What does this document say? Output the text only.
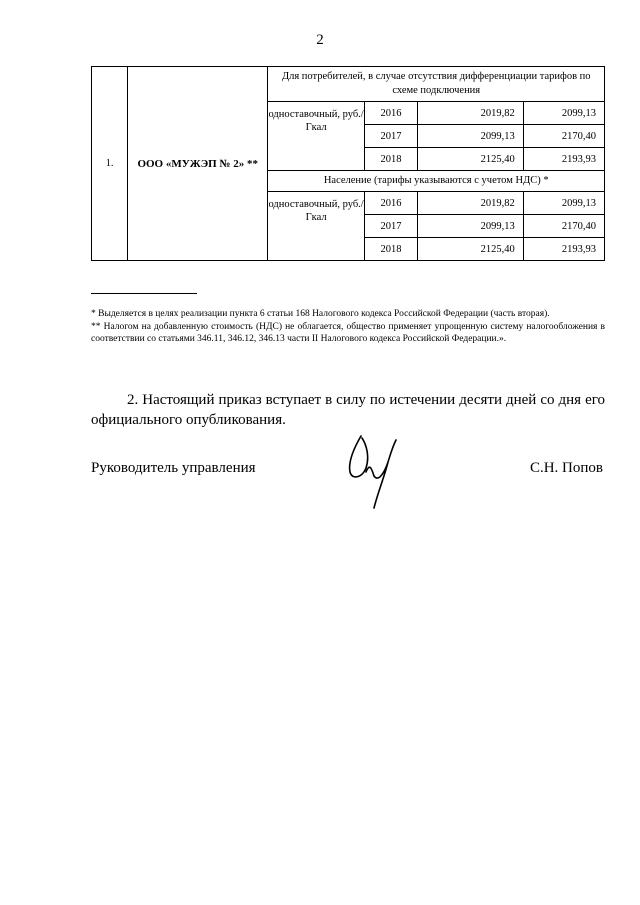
2
1.	ООО «МУЖЭП № 2» **	Для потребителей, в случае отсутствия дифференциации тарифов по схеме подключения			
		одноставочный, руб./Гкал	2016	2019,82	2099,13
			2017	2099,13	2170,40
			2018	2125,40	2193,93
		Население (тарифы указываются с учетом НДС) *			
		одноставочный, руб./Гкал	2016	2019,82	2099,13
			2017	2099,13	2170,40
			2018	2125,40	2193,93

* Выделяется в целях реализации пункта 6 статьи 168 Налогового кодекса Российской Федерации (часть вторая).

** Налогом на добавленную стоимость (НДС) не облагается, общество применяет упрощенную систему налогообложения в соответствии со статьями 346.11, 346.12, 346.13 части II Налогового кодекса Российской Федерации.».

2. Настоящий приказ вступает в силу по истечении десяти дней со дня его официального опубликования.

Руководитель управления	С.Н. Попов
